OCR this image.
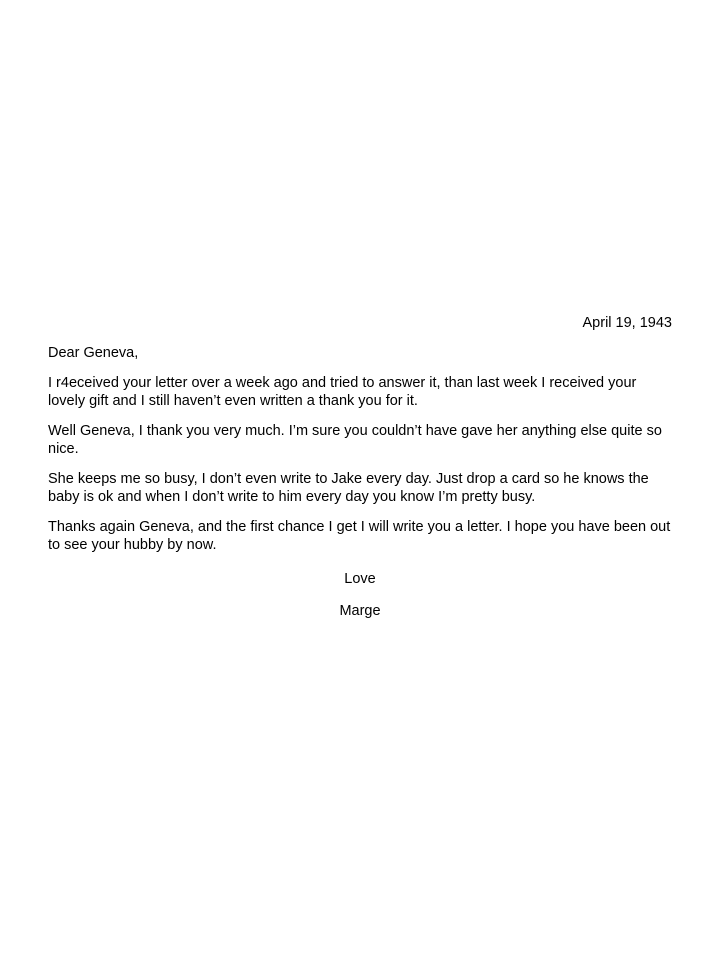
April 19, 1943
Dear Geneva,
I r4eceived your letter over a week ago and tried to answer it, than last week I received your lovely gift and I still haven’t even written a thank you for it.
Well Geneva, I thank you very much. I’m sure you couldn’t have gave her anything else quite so nice.
She keeps me so busy, I don’t even write to Jake every day. Just drop a card so he knows the baby is ok and when I don’t write to him every day you know I’m pretty busy.
Thanks again Geneva, and the first chance I get I will write you a letter. I hope you have been out to see your hubby by now.
Love
Marge
